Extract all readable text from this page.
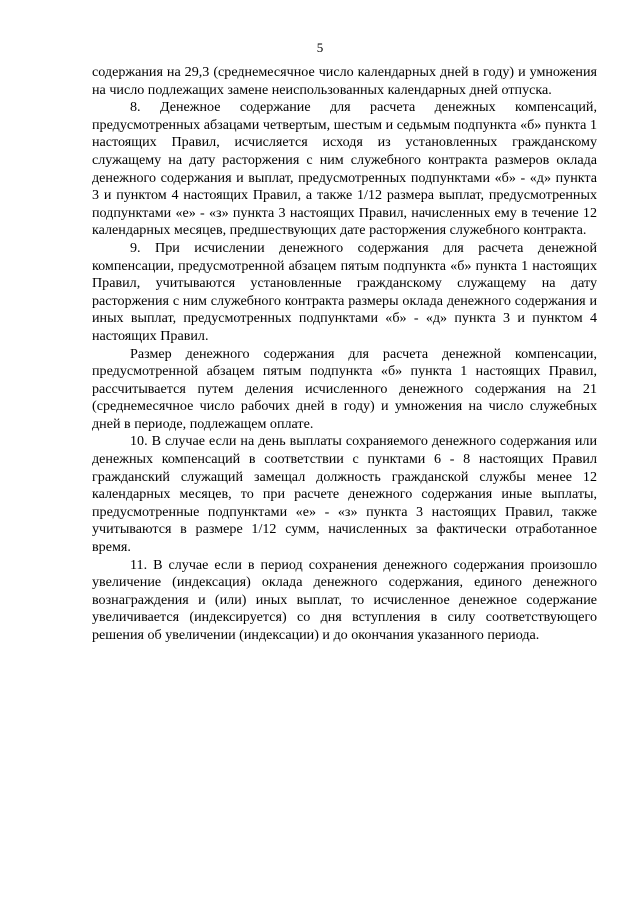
5

содержания на 29,3 (среднемесячное число календарных дней в году) и умножения на число подлежащих замене неиспользованных календарных дней отпуска.

8. Денежное содержание для расчета денежных компенсаций, предусмотренных абзацами четвертым, шестым и седьмым подпункта «б» пункта 1 настоящих Правил, исчисляется исходя из установленных гражданскому служащему на дату расторжения с ним служебного контракта размеров оклада денежного содержания и выплат, предусмотренных подпунктами «б» - «д» пункта 3 и пунктом 4 настоящих Правил, а также 1/12 размера выплат, предусмотренных подпунктами «е» - «з» пункта 3 настоящих Правил, начисленных ему в течение 12 календарных месяцев, предшествующих дате расторжения служебного контракта.

9. При исчислении денежного содержания для расчета денежной компенсации, предусмотренной абзацем пятым подпункта «б» пункта 1 настоящих Правил, учитываются установленные гражданскому служащему на дату расторжения с ним служебного контракта размеры оклада денежного содержания и иных выплат, предусмотренных подпунктами «б» - «д» пункта 3 и пунктом 4 настоящих Правил.

Размер денежного содержания для расчета денежной компенсации, предусмотренной абзацем пятым подпункта «б» пункта 1 настоящих Правил, рассчитывается путем деления исчисленного денежного содержания на 21 (среднемесячное число рабочих дней в году) и умножения на число служебных дней в периоде, подлежащем оплате.

10. В случае если на день выплаты сохраняемого денежного содержания или денежных компенсаций в соответствии с пунктами 6 - 8 настоящих Правил гражданский служащий замещал должность гражданской службы менее 12 календарных месяцев, то при расчете денежного содержания иные выплаты, предусмотренные подпунктами «е» - «з» пункта 3 настоящих Правил, также учитываются в размере 1/12 сумм, начисленных за фактически отработанное время.

11. В случае если в период сохранения денежного содержания произошло увеличение (индексация) оклада денежного содержания, единого денежного вознаграждения и (или) иных выплат, то исчисленное денежное содержание увеличивается (индексируется) со дня вступления в силу соответствующего решения об увеличении (индексации) и до окончания указанного периода.
